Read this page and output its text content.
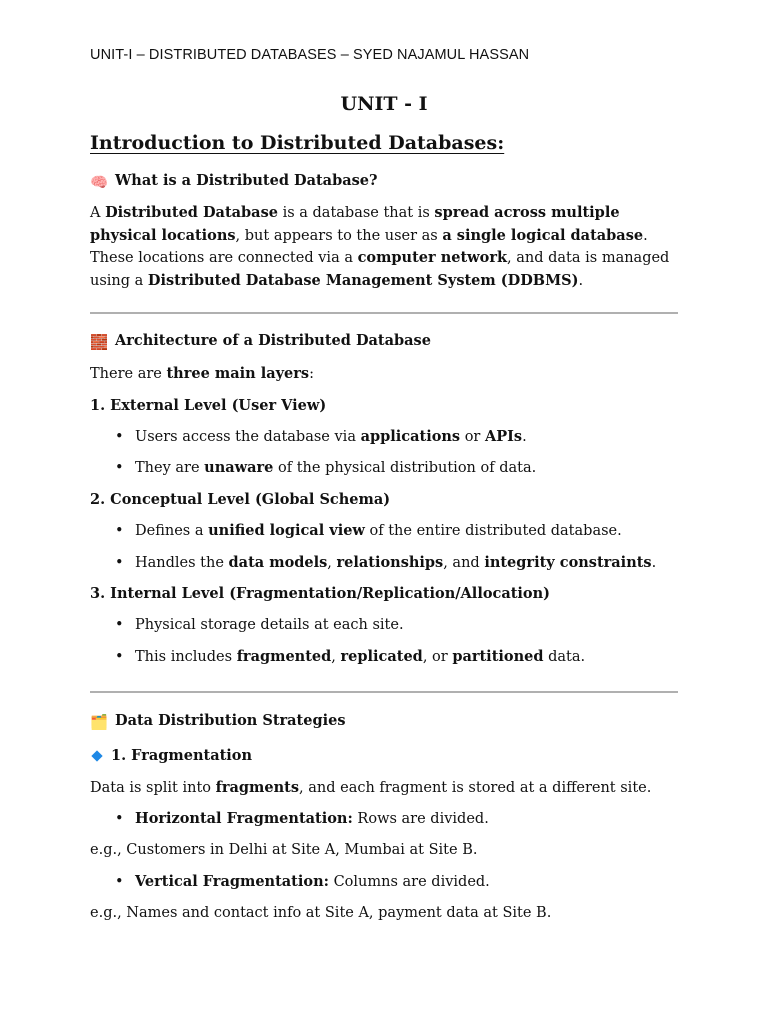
UNIT-I – DISTRIBUTED DATABASES – SYED NAJAMUL HASSAN
UNIT - I
Introduction to Distributed Databases:
🧠 What is a Distributed Database?

A Distributed Database is a database that is spread across multiple physical locations, but appears to the user as a single logical database. These locations are connected via a computer network, and data is managed using a Distributed Database Management System (DDBMS).

🧱 Architecture of a Distributed Database
There are three main layers:
1. External Level (User View)
• Users access the database via applications or APIs.
• They are unaware of the physical distribution of data.
2. Conceptual Level (Global Schema)
• Defines a unified logical view of the entire distributed database.
• Handles the data models, relationships, and integrity constraints.
3. Internal Level (Fragmentation/Replication/Allocation)
• Physical storage details at each site.
• This includes fragmented, replicated, or partitioned data.
🗂️ Data Distribution Strategies
1. Fragmentation
Data is split into fragments, and each fragment is stored at a different site.
• Horizontal Fragmentation: Rows are divided.
e.g., Customers in Delhi at Site A, Mumbai at Site B.
• Vertical Fragmentation: Columns are divided.
e.g., Names and contact info at Site A, payment data at Site B.
